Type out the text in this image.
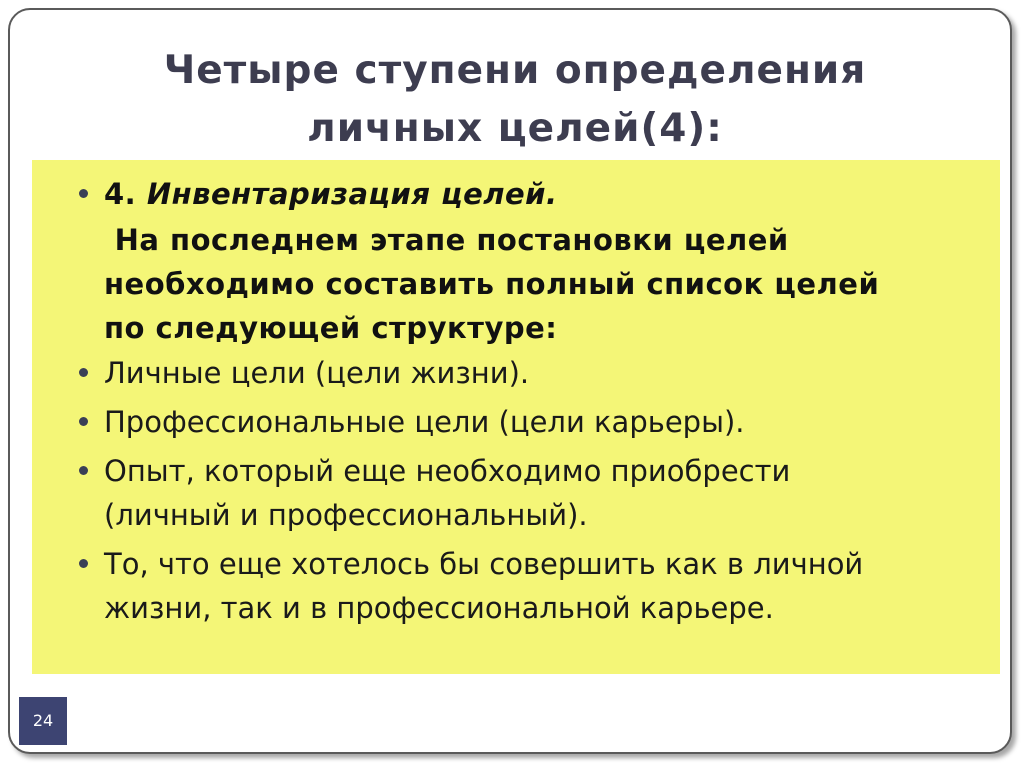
Четыре ступени определения
личных целей(4):
4. Инвентаризация целей.
На последнем этапе постановки целей
необходимо составить полный список целей
по следующей структуре:
Личные цели (цели жизни).
Профессиональные цели (цели карьеры).
Опыт, который еще необходимо приобрести
(личный и профессиональный).
То, что еще хотелось бы совершить как в личной
жизни, так и в профессиональной карьере.
24
